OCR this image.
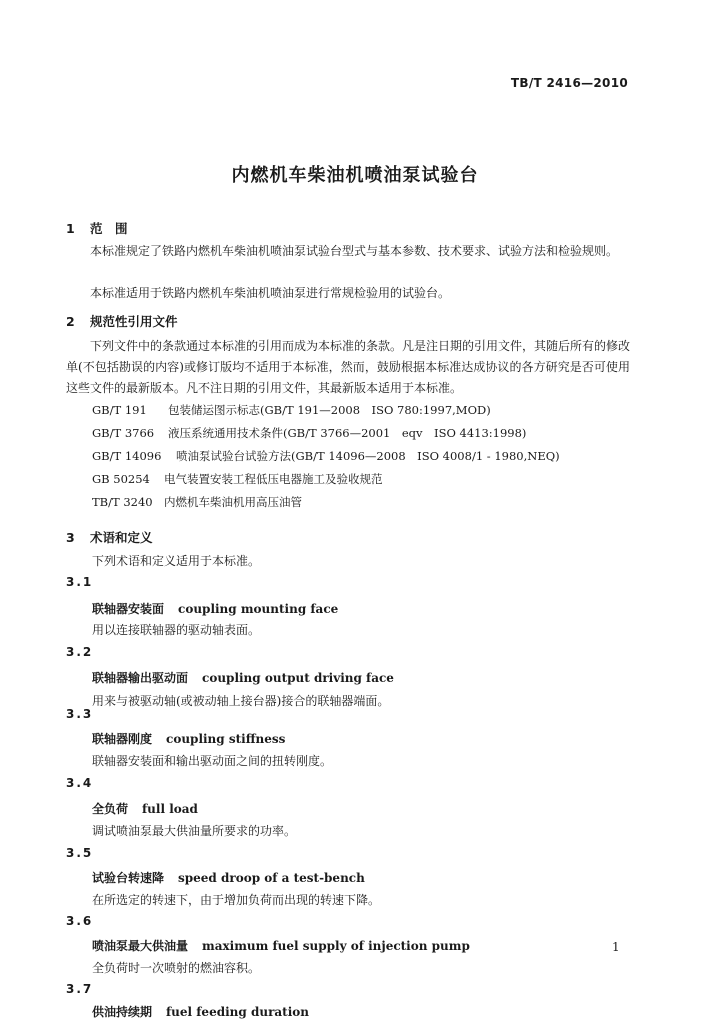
TB/T 2416—2010
内燃机车柴油机喷油泵试验台
1 范　围

本标准规定了铁路内燃机车柴油机喷油泵试验台型式与基本参数、技术要求、试验方法和检验规则。

本标准适用于铁路内燃机车柴油机喷油泵进行常规检验用的试验台。

2 规范性引用文件

下列文件中的条款通过本标准的引用而成为本标准的条款。凡是注日期的引用文件，其随后所有的修改单(不包括勘误的内容)或修订版均不适用于本标准，然而，鼓励根据本标准达成协议的各方研究是否可使用这些文件的最新版本。凡不注日期的引用文件，其最新版本适用于本标准。

GB/T 191 包装储运图示标志(GB/T 191—2008　ISO 780:1997,MOD)
GB/T 3766 液压系统通用技术条件(GB/T 3766—2001　eqv　ISO 4413:1998)
GB/T 14096 喷油泵试验台试验方法(GB/T 14096—2008　ISO 4008/1 - 1980,NEQ)
GB 50254 电气装置安装工程低压电器施工及验收规范
TB/T 3240 内燃机车柴油机用高压油管
3 术语和定义
下列术语和定义适用于本标准。
3.1
联轴器安装面 coupling mounting face
用以连接联轴器的驱动轴表面。
3.2
联轴器输出驱动面 coupling output driving face
用来与被驱动轴(或被动轴上接台器)接合的联轴器端面。
3.3
联轴器刚度 coupling stiffness
联轴器安装面和输出驱动面之间的扭转刚度。
3.4
全负荷 full load
调试喷油泵最大供油量所要求的功率。
3.5
试验台转速降 speed droop of a test-bench
在所选定的转速下，由于增加负荷而出现的转速下降。
3.6
喷油泵最大供油量 maximum fuel supply of injection pump
全负荷时一次喷射的燃油容积。
3.7
供油持续期 fuel feeding duration
1
